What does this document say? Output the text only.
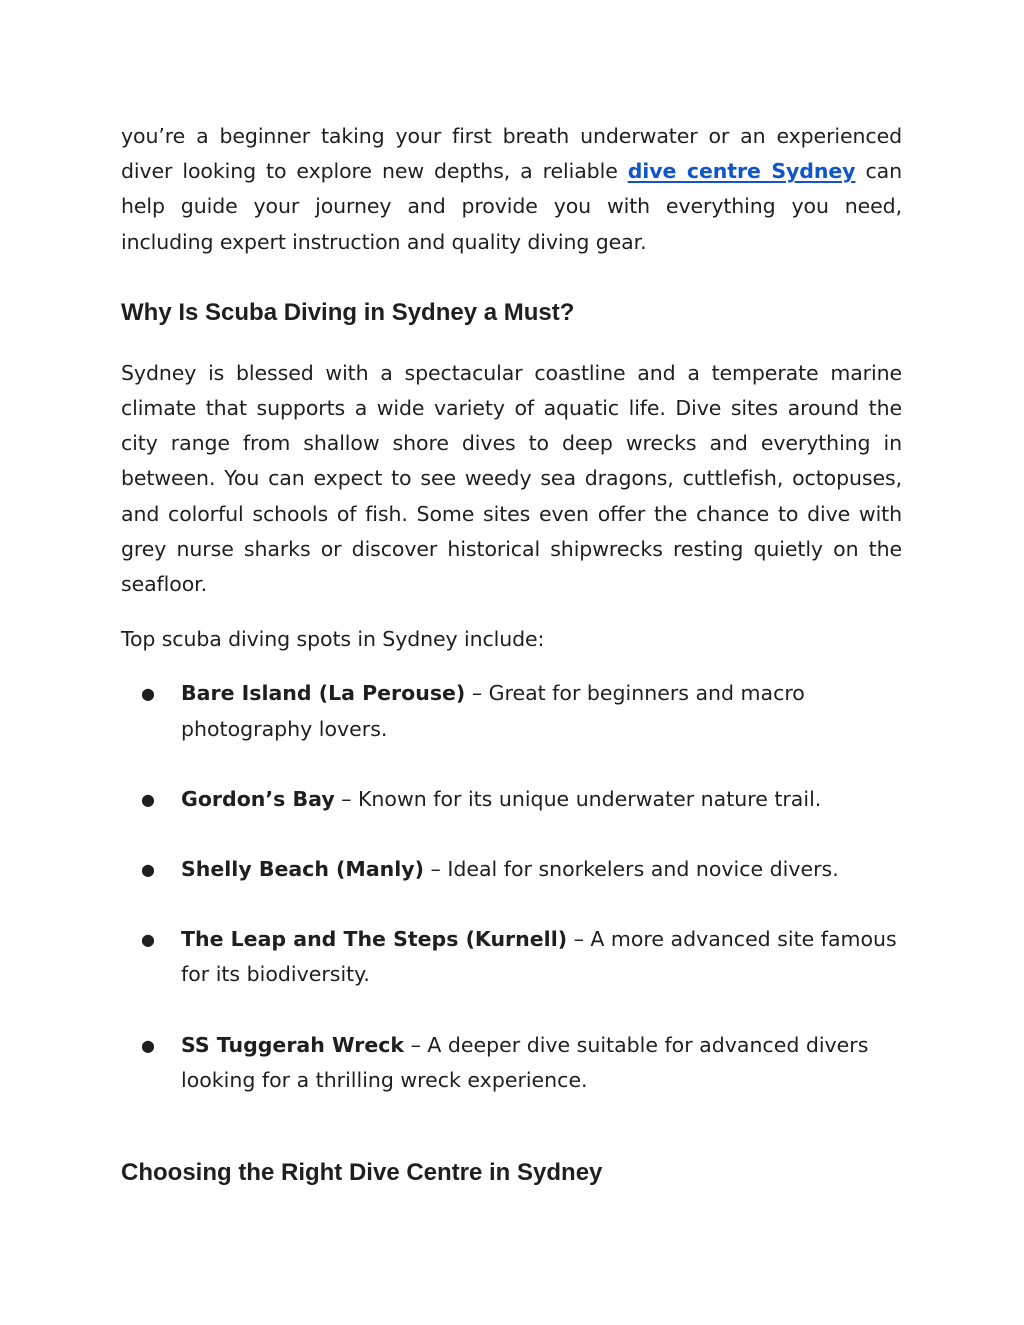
you’re a beginner taking your first breath underwater or an experienced diver looking to explore new depths, a reliable dive centre Sydney can help guide your journey and provide you with everything you need, including expert instruction and quality diving gear.

Why Is Scuba Diving in Sydney a Must?

Sydney is blessed with a spectacular coastline and a temperate marine climate that supports a wide variety of aquatic life. Dive sites around the city range from shallow shore dives to deep wrecks and everything in between. You can expect to see weedy sea dragons, cuttlefish, octopuses, and colorful schools of fish. Some sites even offer the chance to dive with grey nurse sharks or discover historical shipwrecks resting quietly on the seafloor.

Top scuba diving spots in Sydney include:

● Bare Island (La Perouse) – Great for beginners and macro photography lovers.
● Gordon’s Bay – Known for its unique underwater nature trail.
● Shelly Beach (Manly) – Ideal for snorkelers and novice divers.
● The Leap and The Steps (Kurnell) – A more advanced site famous for its biodiversity.
● SS Tuggerah Wreck – A deeper dive suitable for advanced divers looking for a thrilling wreck experience.
Choosing the Right Dive Centre in Sydney
